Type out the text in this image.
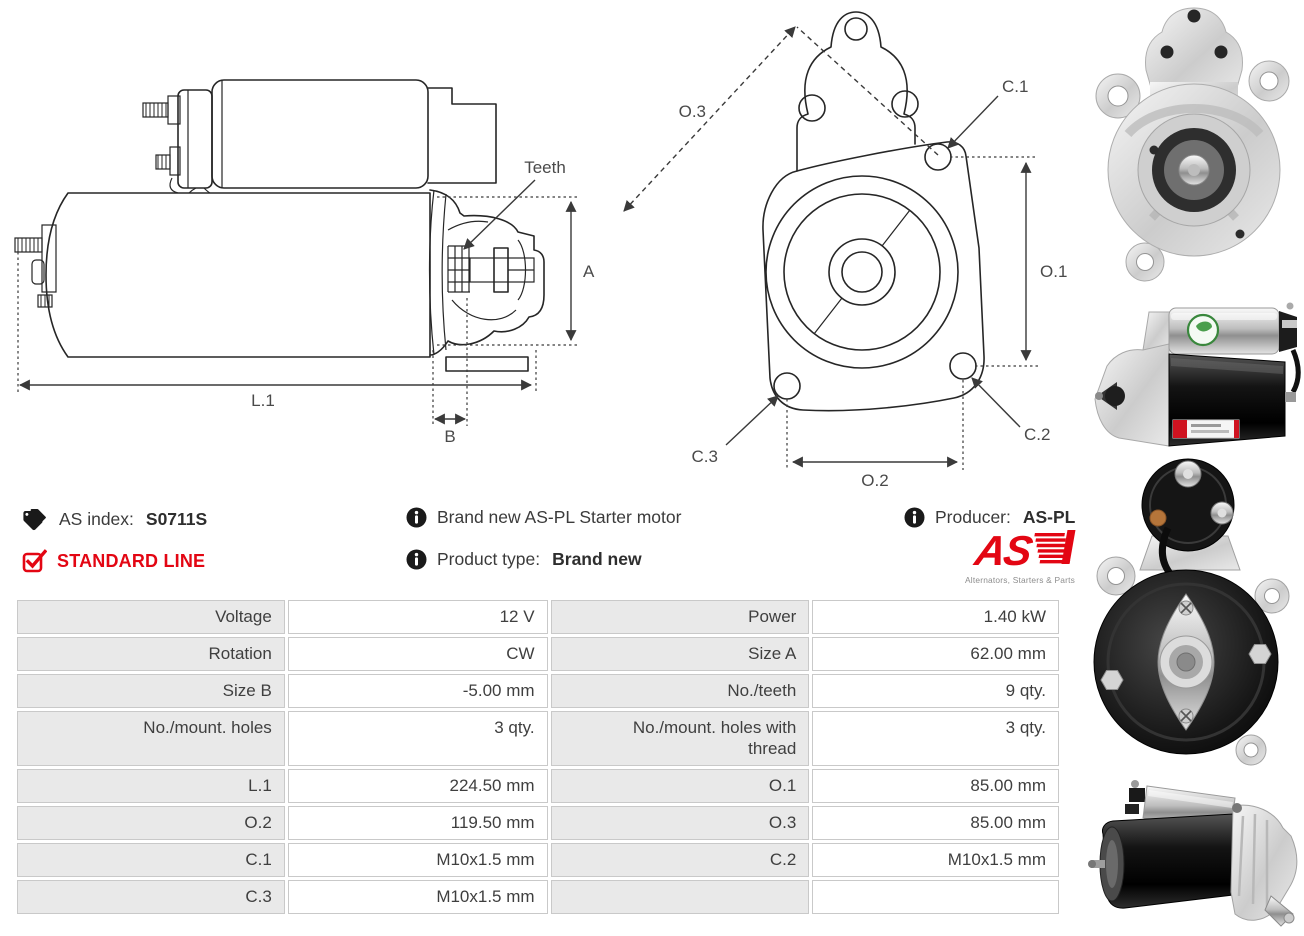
A
L.1
B
Teeth
O.1
O.2
O.3
C.1
C.2
C.3
AS index: S0711S
STANDARD LINE
Brand new AS-PL Starter motor
Product type: Brand new
Producer: AS-PL
AS
Alternators, Starters & Parts
Voltage	12 V	Power	1.40 kW
Rotation	CW	Size A	62.00 mm
Size B	-5.00 mm	No./teeth	9 qty.
No./mount. holes	3 qty.	No./mount. holes with thread	3 qty.
L.1	224.50 mm	O.1	85.00 mm
O.2	119.50 mm	O.3	85.00 mm
C.1	M10x1.5 mm	C.2	M10x1.5 mm
C.3	M10x1.5 mm		
